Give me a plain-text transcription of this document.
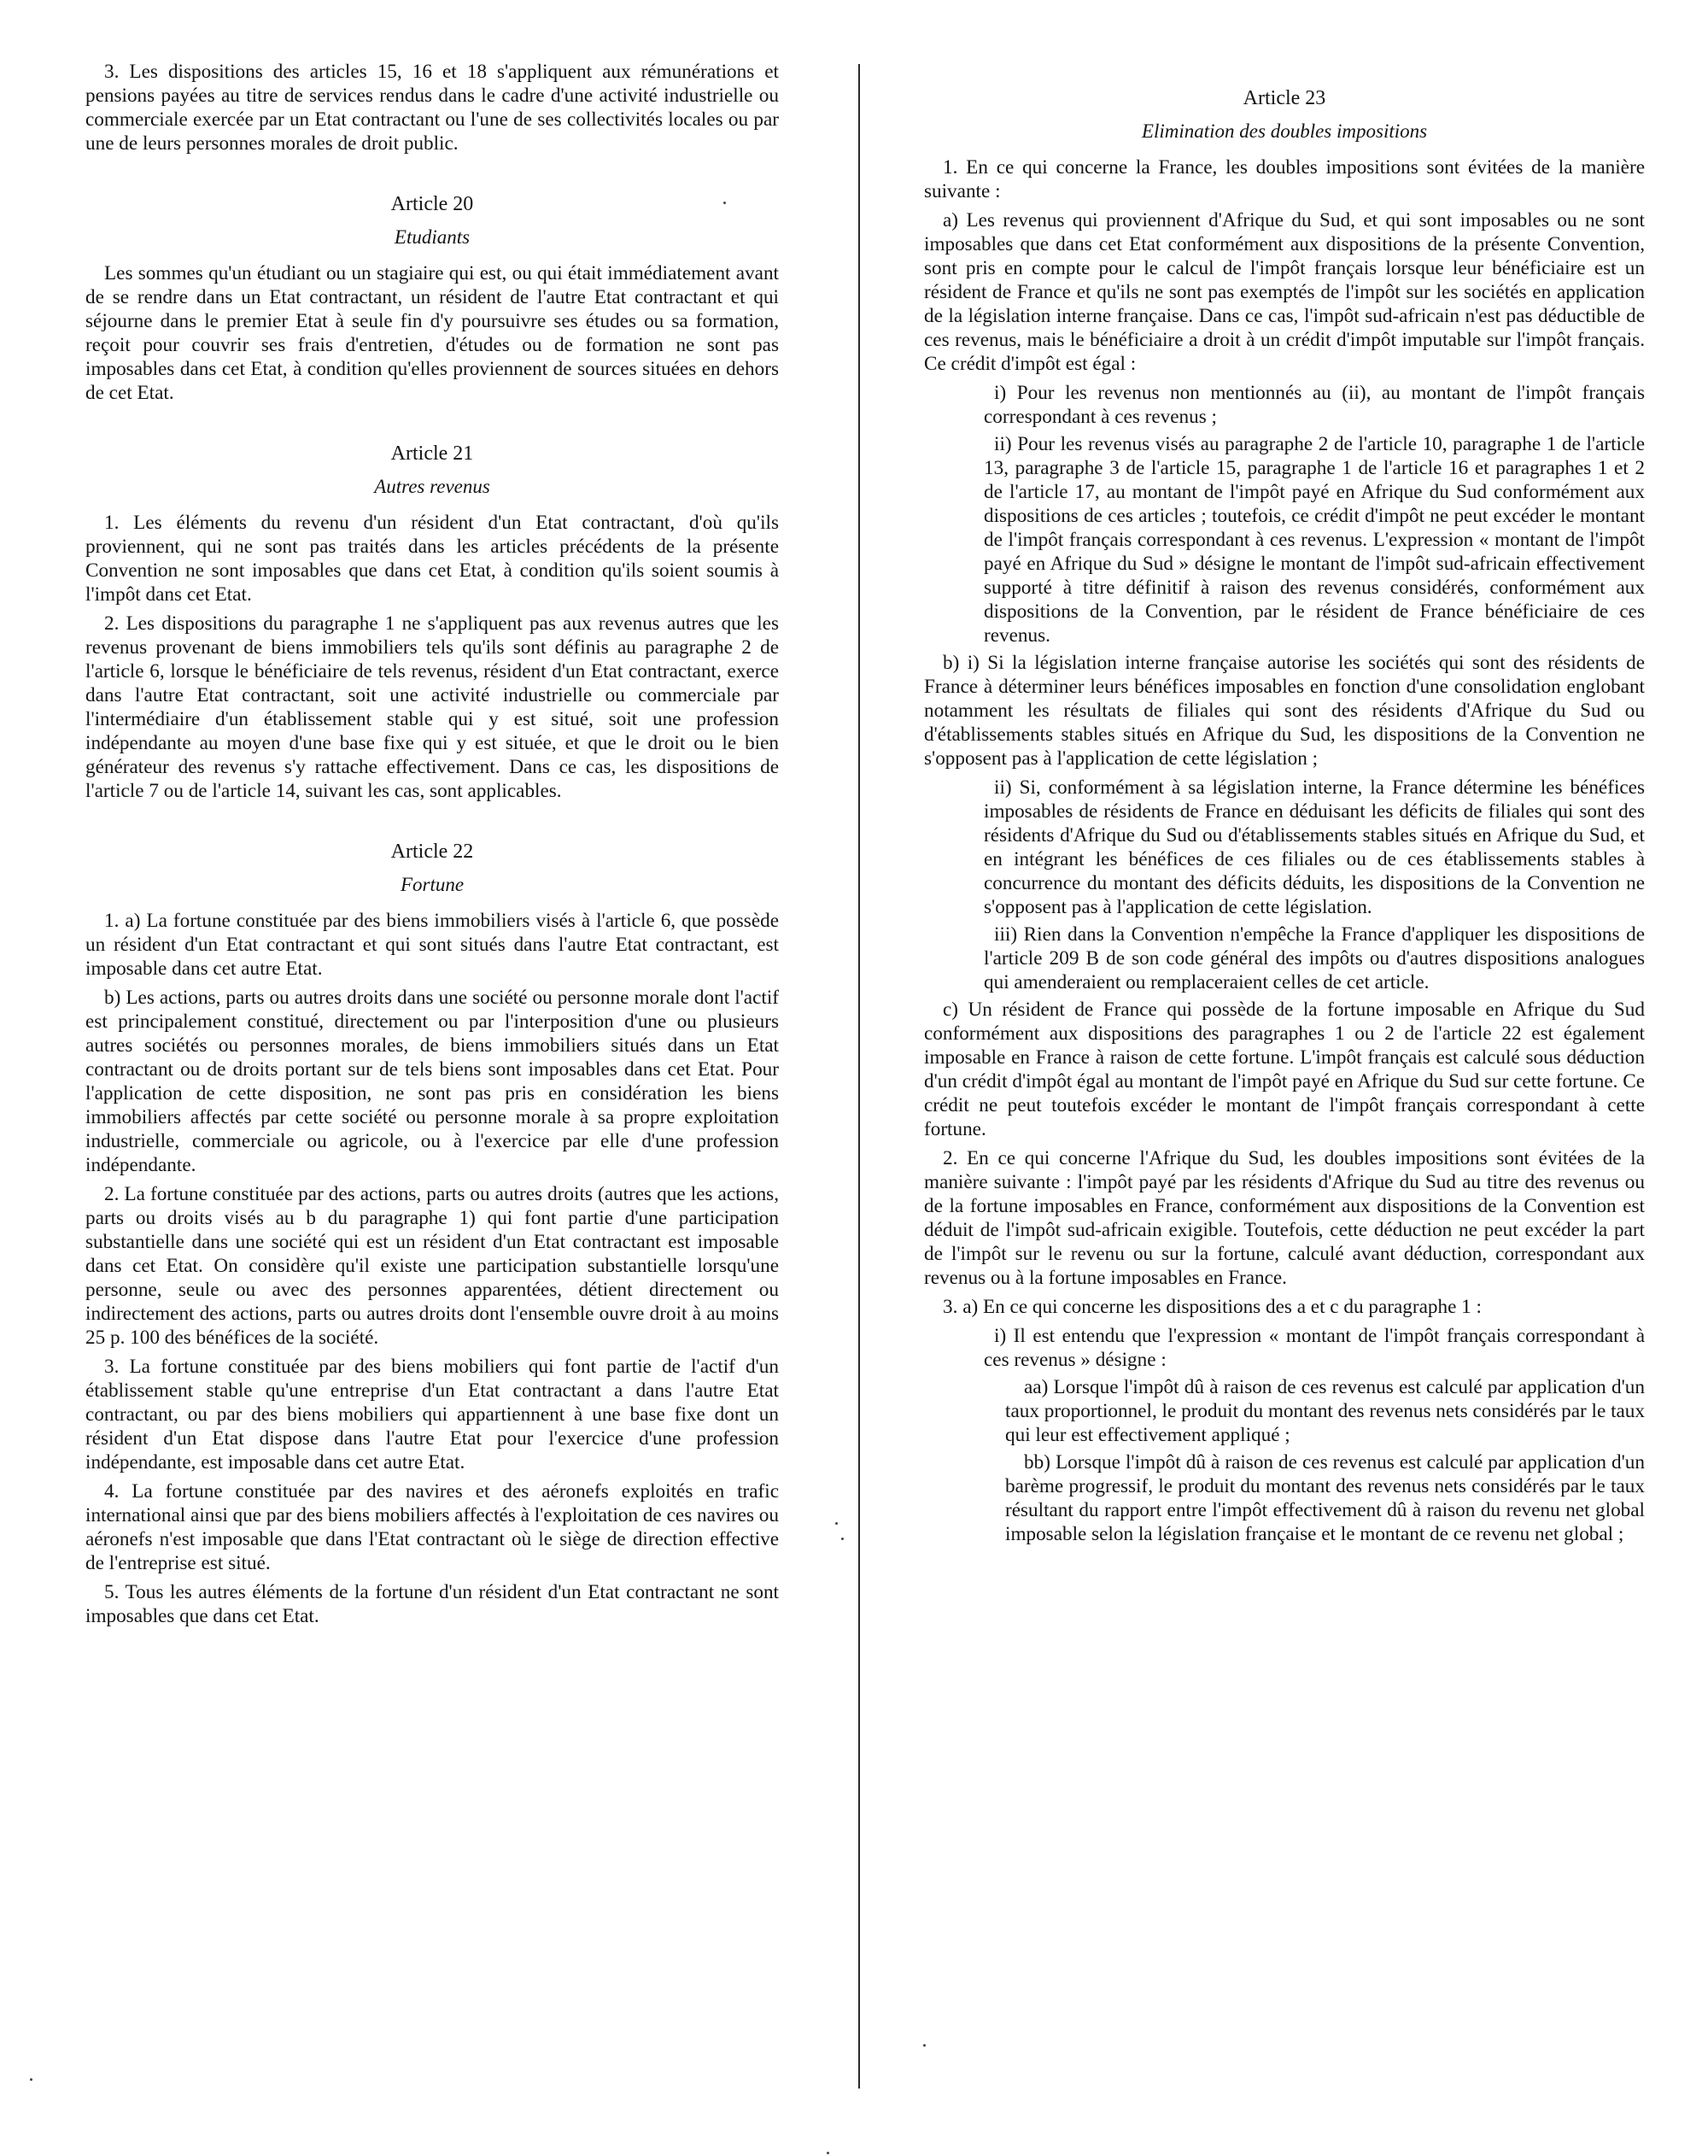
3. Les dispositions des articles 15, 16 et 18 s'appliquent aux rémunérations et pensions payées au titre de services rendus dans le cadre d'une activité industrielle ou commerciale exercée par un Etat contractant ou l'une de ses collectivités locales ou par une de leurs personnes morales de droit public.

Article 20

Etudiants

Les sommes qu'un étudiant ou un stagiaire qui est, ou qui était immédiatement avant de se rendre dans un Etat contractant, un résident de l'autre Etat contractant et qui séjourne dans le premier Etat à seule fin d'y poursuivre ses études ou sa formation, reçoit pour couvrir ses frais d'entretien, d'études ou de formation ne sont pas imposables dans cet Etat, à condition qu'elles proviennent de sources situées en dehors de cet Etat.

Article 21

Autres revenus

1. Les éléments du revenu d'un résident d'un Etat contractant, d'où qu'ils proviennent, qui ne sont pas traités dans les articles précédents de la présente Convention ne sont imposables que dans cet Etat, à condition qu'ils soient soumis à l'impôt dans cet Etat.

2. Les dispositions du paragraphe 1 ne s'appliquent pas aux revenus autres que les revenus provenant de biens immobiliers tels qu'ils sont définis au paragraphe 2 de l'article 6, lorsque le bénéficiaire de tels revenus, résident d'un Etat contractant, exerce dans l'autre Etat contractant, soit une activité industrielle ou commerciale par l'intermédiaire d'un établissement stable qui y est situé, soit une profession indépendante au moyen d'une base fixe qui y est située, et que le droit ou le bien générateur des revenus s'y rattache effectivement. Dans ce cas, les dispositions de l'article 7 ou de l'article 14, suivant les cas, sont applicables.

Article 22

Fortune

1. a) La fortune constituée par des biens immobiliers visés à l'article 6, que possède un résident d'un Etat contractant et qui sont situés dans l'autre Etat contractant, est imposable dans cet autre Etat.

b) Les actions, parts ou autres droits dans une société ou personne morale dont l'actif est principalement constitué, directement ou par l'interposition d'une ou plusieurs autres sociétés ou personnes morales, de biens immobiliers situés dans un Etat contractant ou de droits portant sur de tels biens sont imposables dans cet Etat. Pour l'application de cette disposition, ne sont pas pris en considération les biens immobiliers affectés par cette société ou personne morale à sa propre exploitation industrielle, commerciale ou agricole, ou à l'exercice par elle d'une profession indépendante.

2. La fortune constituée par des actions, parts ou autres droits (autres que les actions, parts ou droits visés au b du paragraphe 1) qui font partie d'une participation substantielle dans une société qui est un résident d'un Etat contractant est imposable dans cet Etat. On considère qu'il existe une participation substantielle lorsqu'une personne, seule ou avec des personnes apparentées, détient directement ou indirectement des actions, parts ou autres droits dont l'ensemble ouvre droit à au moins 25 p. 100 des bénéfices de la société.

3. La fortune constituée par des biens mobiliers qui font partie de l'actif d'un établissement stable qu'une entreprise d'un Etat contractant a dans l'autre Etat contractant, ou par des biens mobiliers qui appartiennent à une base fixe dont un résident d'un Etat dispose dans l'autre Etat pour l'exercice d'une profession indépendante, est imposable dans cet autre Etat.

4. La fortune constituée par des navires et des aéronefs exploités en trafic international ainsi que par des biens mobiliers affectés à l'exploitation de ces navires ou aéronefs n'est imposable que dans l'Etat contractant où le siège de direction effective de l'entreprise est situé.

5. Tous les autres éléments de la fortune d'un résident d'un Etat contractant ne sont imposables que dans cet Etat.

Article 23

Elimination des doubles impositions

1. En ce qui concerne la France, les doubles impositions sont évitées de la manière suivante :

a) Les revenus qui proviennent d'Afrique du Sud, et qui sont imposables ou ne sont imposables que dans cet Etat conformément aux dispositions de la présente Convention, sont pris en compte pour le calcul de l'impôt français lorsque leur bénéficiaire est un résident de France et qu'ils ne sont pas exemptés de l'impôt sur les sociétés en application de la législation interne française. Dans ce cas, l'impôt sud-africain n'est pas déductible de ces revenus, mais le bénéficiaire a droit à un crédit d'impôt imputable sur l'impôt français. Ce crédit d'impôt est égal :

i) Pour les revenus non mentionnés au (ii), au montant de l'impôt français correspondant à ces revenus ;

ii) Pour les revenus visés au paragraphe 2 de l'article 10, paragraphe 1 de l'article 13, paragraphe 3 de l'article 15, paragraphe 1 de l'article 16 et paragraphes 1 et 2 de l'article 17, au montant de l'impôt payé en Afrique du Sud conformément aux dispositions de ces articles ; toutefois, ce crédit d'impôt ne peut excéder le montant de l'impôt français correspondant à ces revenus. L'expression « montant de l'impôt payé en Afrique du Sud » désigne le montant de l'impôt sud-africain effectivement supporté à titre définitif à raison des revenus considérés, conformément aux dispositions de la Convention, par le résident de France bénéficiaire de ces revenus.

b) i) Si la législation interne française autorise les sociétés qui sont des résidents de France à déterminer leurs bénéfices imposables en fonction d'une consolidation englobant notamment les résultats de filiales qui sont des résidents d'Afrique du Sud ou d'établissements stables situés en Afrique du Sud, les dispositions de la Convention ne s'opposent pas à l'application de cette législation ;

ii) Si, conformément à sa législation interne, la France détermine les bénéfices imposables de résidents de France en déduisant les déficits de filiales qui sont des résidents d'Afrique du Sud ou d'établissements stables situés en Afrique du Sud, et en intégrant les bénéfices de ces filiales ou de ces établissements stables à concurrence du montant des déficits déduits, les dispositions de la Convention ne s'opposent pas à l'application de cette législation.

iii) Rien dans la Convention n'empêche la France d'appliquer les dispositions de l'article 209 B de son code général des impôts ou d'autres dispositions analogues qui amenderaient ou remplaceraient celles de cet article.

c) Un résident de France qui possède de la fortune imposable en Afrique du Sud conformément aux dispositions des paragraphes 1 ou 2 de l'article 22 est également imposable en France à raison de cette fortune. L'impôt français est calculé sous déduction d'un crédit d'impôt égal au montant de l'impôt payé en Afrique du Sud sur cette fortune. Ce crédit ne peut toutefois excéder le montant de l'impôt français correspondant à cette fortune.

2. En ce qui concerne l'Afrique du Sud, les doubles impositions sont évitées de la manière suivante : l'impôt payé par les résidents d'Afrique du Sud au titre des revenus ou de la fortune imposables en France, conformément aux dispositions de la Convention est déduit de l'impôt sud-africain exigible. Toutefois, cette déduction ne peut excéder la part de l'impôt sur le revenu ou sur la fortune, calculé avant déduction, correspondant aux revenus ou à la fortune imposables en France.

3. a) En ce qui concerne les dispositions des a et c du paragraphe 1 :

i) Il est entendu que l'expression « montant de l'impôt français correspondant à ces revenus » désigne :

aa) Lorsque l'impôt dû à raison de ces revenus est calculé par application d'un taux proportionnel, le produit du montant des revenus nets considérés par le taux qui leur est effectivement appliqué ;

bb) Lorsque l'impôt dû à raison de ces revenus est calculé par application d'un barème progressif, le produit du montant des revenus nets considérés par le taux résultant du rapport entre l'impôt effectivement dû à raison du revenu net global imposable selon la législation française et le montant de ce revenu net global ;
